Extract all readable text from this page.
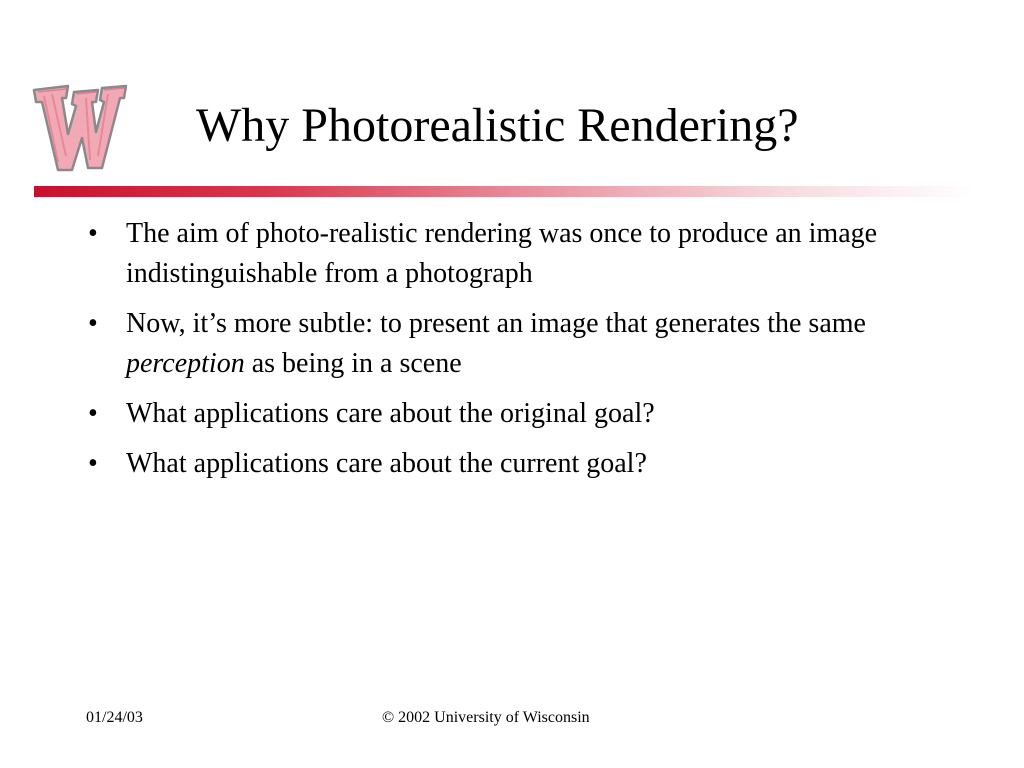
Why Photorealistic Rendering?
• The aim of photo-realistic rendering was once to produce an image indistinguishable from a photograph
• Now, it’s more subtle: to present an image that generates the same perception as being in a scene
• What applications care about the original goal?
• What applications care about the current goal?
01/24/03	© 2002 University of Wisconsin
